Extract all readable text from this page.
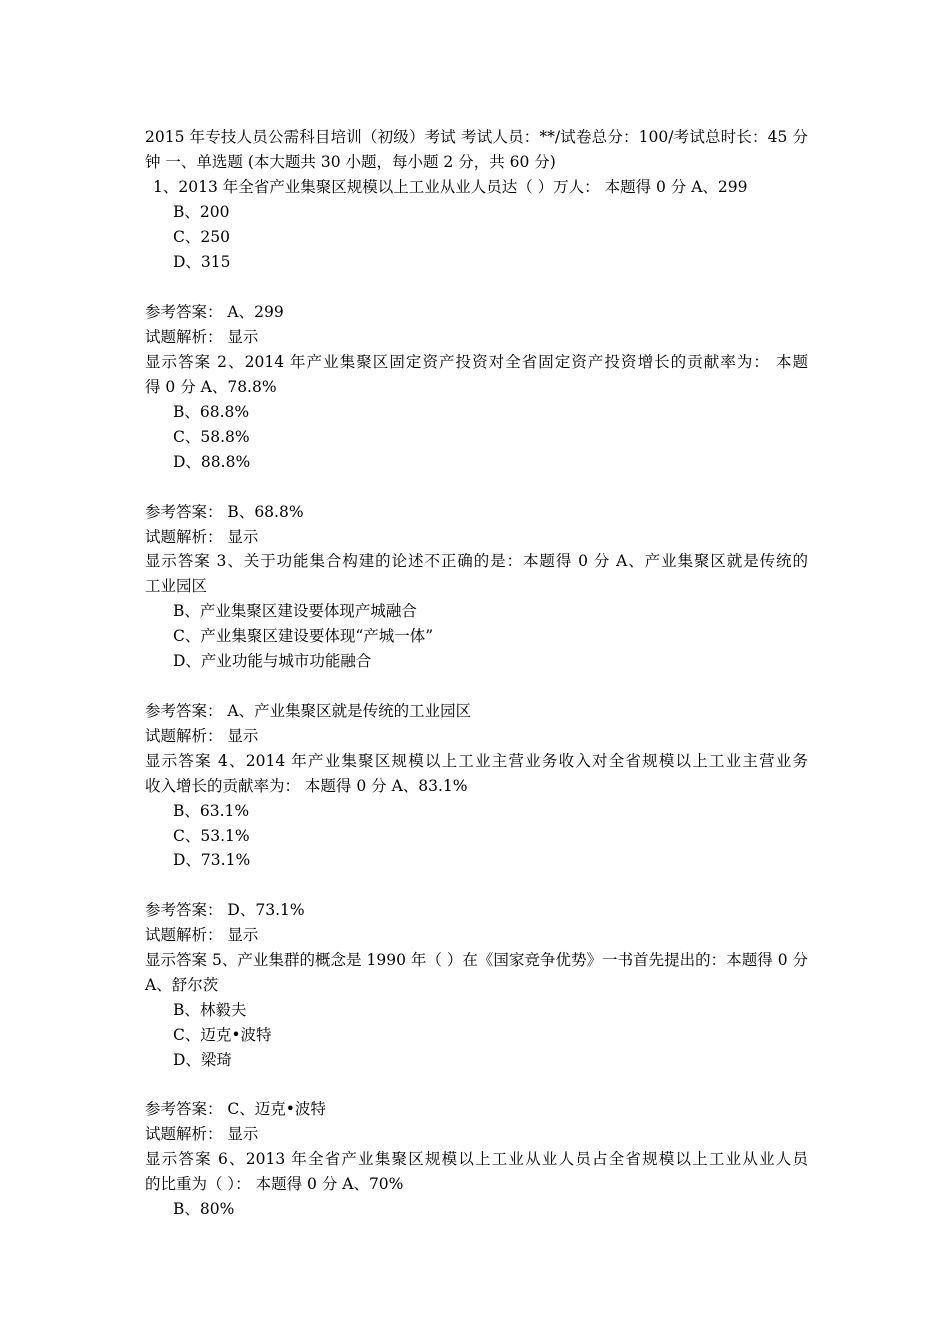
2015 年专技人员公需科目培训（初级）考试 考试人员：**/试卷总分：100/考试总时长：45 分
钟 一、单选题 (本大题共 30 小题，每小题 2 分，共 60 分)
1、2013 年全省产业集聚区规模以上工业从业人员达（ ）万人： 本题得 0 分 A、299
B、200
C、250
D、315
参考答案： A、299
试题解析： 显示
显示答案 2、2014 年产业集聚区固定资产投资对全省固定资产投资增长的贡献率为： 本题
得 0 分 A、78.8%
B、68.8%
C、58.8%
D、88.8%
参考答案： B、68.8%
试题解析： 显示
显示答案 3、关于功能集合构建的论述不正确的是：本题得 0 分 A、产业集聚区就是传统的
工业园区
B、产业集聚区建设要体现产城融合
C、产业集聚区建设要体现“产城一体”
D、产业功能与城市功能融合
参考答案： A、产业集聚区就是传统的工业园区
试题解析： 显示
显示答案 4、2014 年产业集聚区规模以上工业主营业务收入对全省规模以上工业主营业务
收入增长的贡献率为： 本题得 0 分 A、83.1%
B、63.1%
C、53.1%
D、73.1%
参考答案： D、73.1%
试题解析： 显示
显示答案 5、产业集群的概念是 1990 年（ ）在《国家竞争优势》一书首先提出的：本题得 0 分
A、舒尔茨
B、林毅夫
C、迈克•波特
D、梁琦
参考答案： C、迈克•波特
试题解析： 显示
显示答案 6、2013 年全省产业集聚区规模以上工业从业人员占全省规模以上工业从业人员
的比重为（ ）： 本题得 0 分 A、70%
B、80%
